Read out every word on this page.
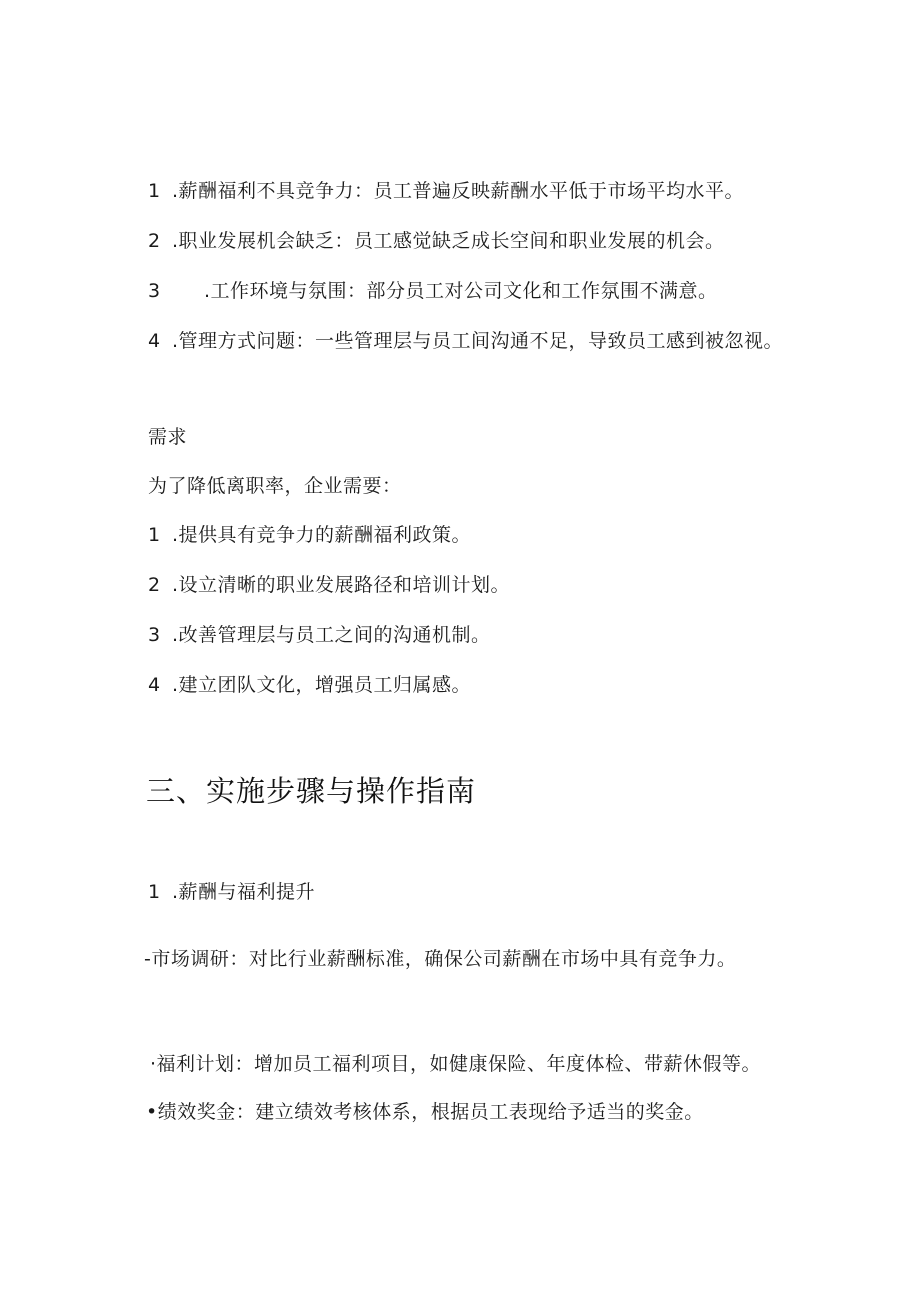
1 .薪酬福利不具竞争力：员工普遍反映薪酬水平低于市场平均水平。
2 .职业发展机会缺乏：员工感觉缺乏成长空间和职业发展的机会。
3 .工作环境与氛围：部分员工对公司文化和工作氛围不满意。
4 .管理方式问题：一些管理层与员工间沟通不足，导致员工感到被忽视。
需求
为了降低离职率，企业需要：
1 .提供具有竞争力的薪酬福利政策。
2 .设立清晰的职业发展路径和培训计划。
3 .改善管理层与员工之间的沟通机制。
4 .建立团队文化，增强员工归属感。
三、实施步骤与操作指南
1 .薪酬与福利提升
-市场调研：对比行业薪酬标准，确保公司薪酬在市场中具有竞争力。
·福利计划：增加员工福利项目，如健康保险、年度体检、带薪休假等。
•绩效奖金：建立绩效考核体系，根据员工表现给予适当的奖金。
